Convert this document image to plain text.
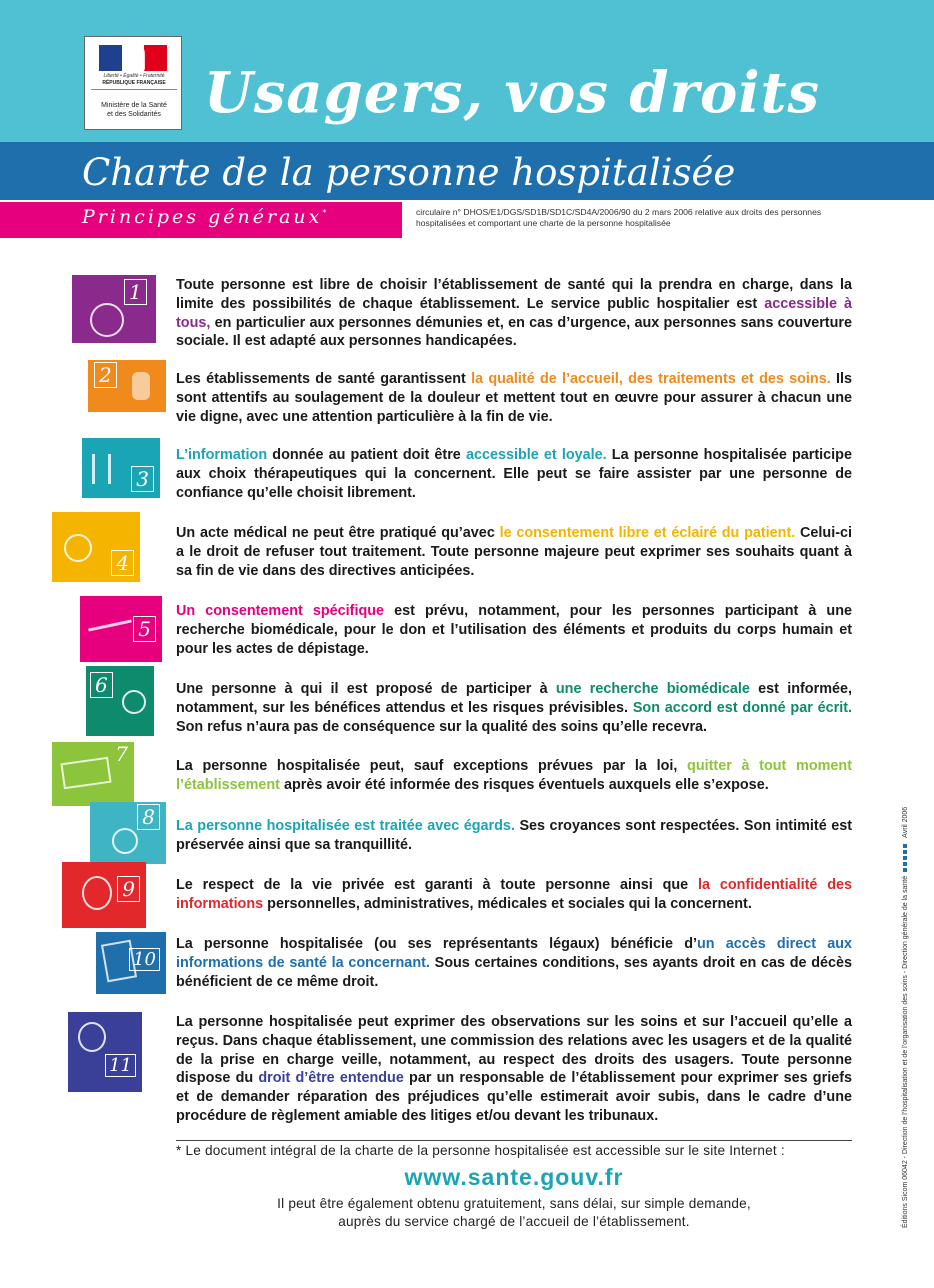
Liberté • Égalité • Fraternité
RÉPUBLIQUE FRANÇAISE
Ministère de la Santé
et des Solidarités Usagers, vos droits
Charte de la personne hospitalisée
Principes généraux*	circulaire n° DHOS/E1/DGS/SD1B/SD1C/SD4A/2006/90 du 2 mars 2006 relative aux droits des personnes hospitalisées et comportant une charte de la personne hospitalisée
1
2
3
4
5
6
7
8
9
10
11
Toute personne est libre de choisir l’établissement de santé qui la prendra en charge, dans la limite des possibilités de chaque établissement. Le service public hospitalier est accessible à tous, en particulier aux personnes démunies et, en cas d’urgence, aux personnes sans couverture sociale. Il est adapté aux personnes handicapées.
Les établissements de santé garantissent la qualité de l’accueil, des traitements et des soins. Ils sont attentifs au soulagement de la douleur et mettent tout en œuvre pour assurer à chacun une vie digne, avec une attention particulière à la fin de vie.
L’information donnée au patient doit être accessible et loyale. La personne hospitalisée participe aux choix thérapeutiques qui la concernent. Elle peut se faire assister par une personne de confiance qu’elle choisit librement.
Un acte médical ne peut être pratiqué qu’avec le consentement libre et éclairé du patient. Celui-ci a le droit de refuser tout traitement. Toute personne majeure peut exprimer ses souhaits quant à sa fin de vie dans des directives anticipées.
Un consentement spécifique est prévu, notamment, pour les personnes participant à une recherche biomédicale, pour le don et l’utilisation des éléments et produits du corps humain et pour les actes de dépistage.
Une personne à qui il est proposé de participer à une recherche biomédicale est informée, notamment, sur les bénéfices attendus et les risques prévisibles. Son accord est donné par écrit. Son refus n’aura pas de conséquence sur la qualité des soins qu’elle recevra.
La personne hospitalisée peut, sauf exceptions prévues par la loi, quitter à tout moment l’établissement après avoir été informée des risques éventuels auxquels elle s’expose.
La personne hospitalisée est traitée avec égards. Ses croyances sont respectées. Son intimité est préservée ainsi que sa tranquillité.
Le respect de la vie privée est garanti à toute personne ainsi que la confidentialité des informations personnelles, administratives, médicales et sociales qui la concernent.
La personne hospitalisée (ou ses représentants légaux) bénéficie d’un accès direct aux informations de santé la concernant. Sous certaines conditions, ses ayants droit en cas de décès bénéficient de ce même droit.
La personne hospitalisée peut exprimer des observations sur les soins et sur l’accueil qu’elle a reçus. Dans chaque établissement, une commission des relations avec les usagers et de la qualité de la prise en charge veille, notamment, au respect des droits des usagers. Toute personne dispose du droit d’être entendue par un responsable de l’établissement pour exprimer ses griefs et de demander réparation des préjudices qu’elle estimerait avoir subis, dans le cadre d’une procédure de règlement amiable des litiges et/ou devant les tribunaux.
* Le document intégral de la charte de la personne hospitalisée est accessible sur le site Internet :
www.sante.gouv.fr
Il peut être également obtenu gratuitement, sans délai, sur simple demande,
auprès du service chargé de l’accueil de l’établissement.	Éditions Sicom 06042 - Direction de l’hospitalisation et de l’organisation des soins - Direction générale de la santéAvril 2006
